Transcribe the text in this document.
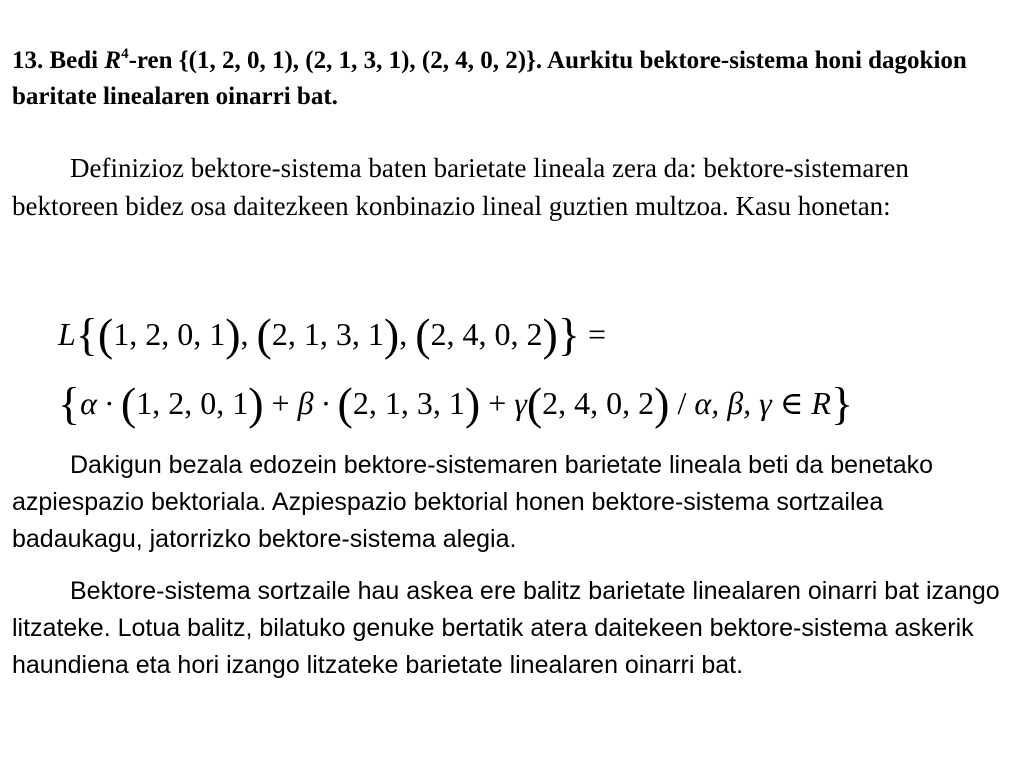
13. Bedi $R^4$-ren {(1, 2, 0, 1), (2, 1, 3, 1), (2, 4, 0, 2)}. Aurkitu bektore-sistema honi dagokion baritate linealaren oinarri bat.

Definizioz bektore-sistema baten barietate lineala zera da: bektore-sistemaren bektoreen bidez osa daitezkeen konbinazio lineal guztien multzoa. Kasu honetan:

L{(1, 2, 0, 1), (2, 1, 3, 1), (2, 4, 0, 2)} =
{α · (1, 2, 0, 1) + β · (2, 1, 3, 1) + γ(2, 4, 0, 2) / α, β, γ ∈ R}

Dakigun bezala edozein bektore-sistemaren barietate lineala beti da benetako azpiespazio bektoriala. Azpiespazio bektorial honen bektore-sistema sortzailea badaukagu, jatorrizko bektore-sistema alegia.

Bektore-sistema sortzaile hau askea ere balitz barietate linealaren oinarri bat izango litzateke. Lotua balitz, bilatuko genuke bertatik atera daitekeen bektore-sistema askerik haundiena eta hori izango litzateke barietate linealaren oinarri bat.
